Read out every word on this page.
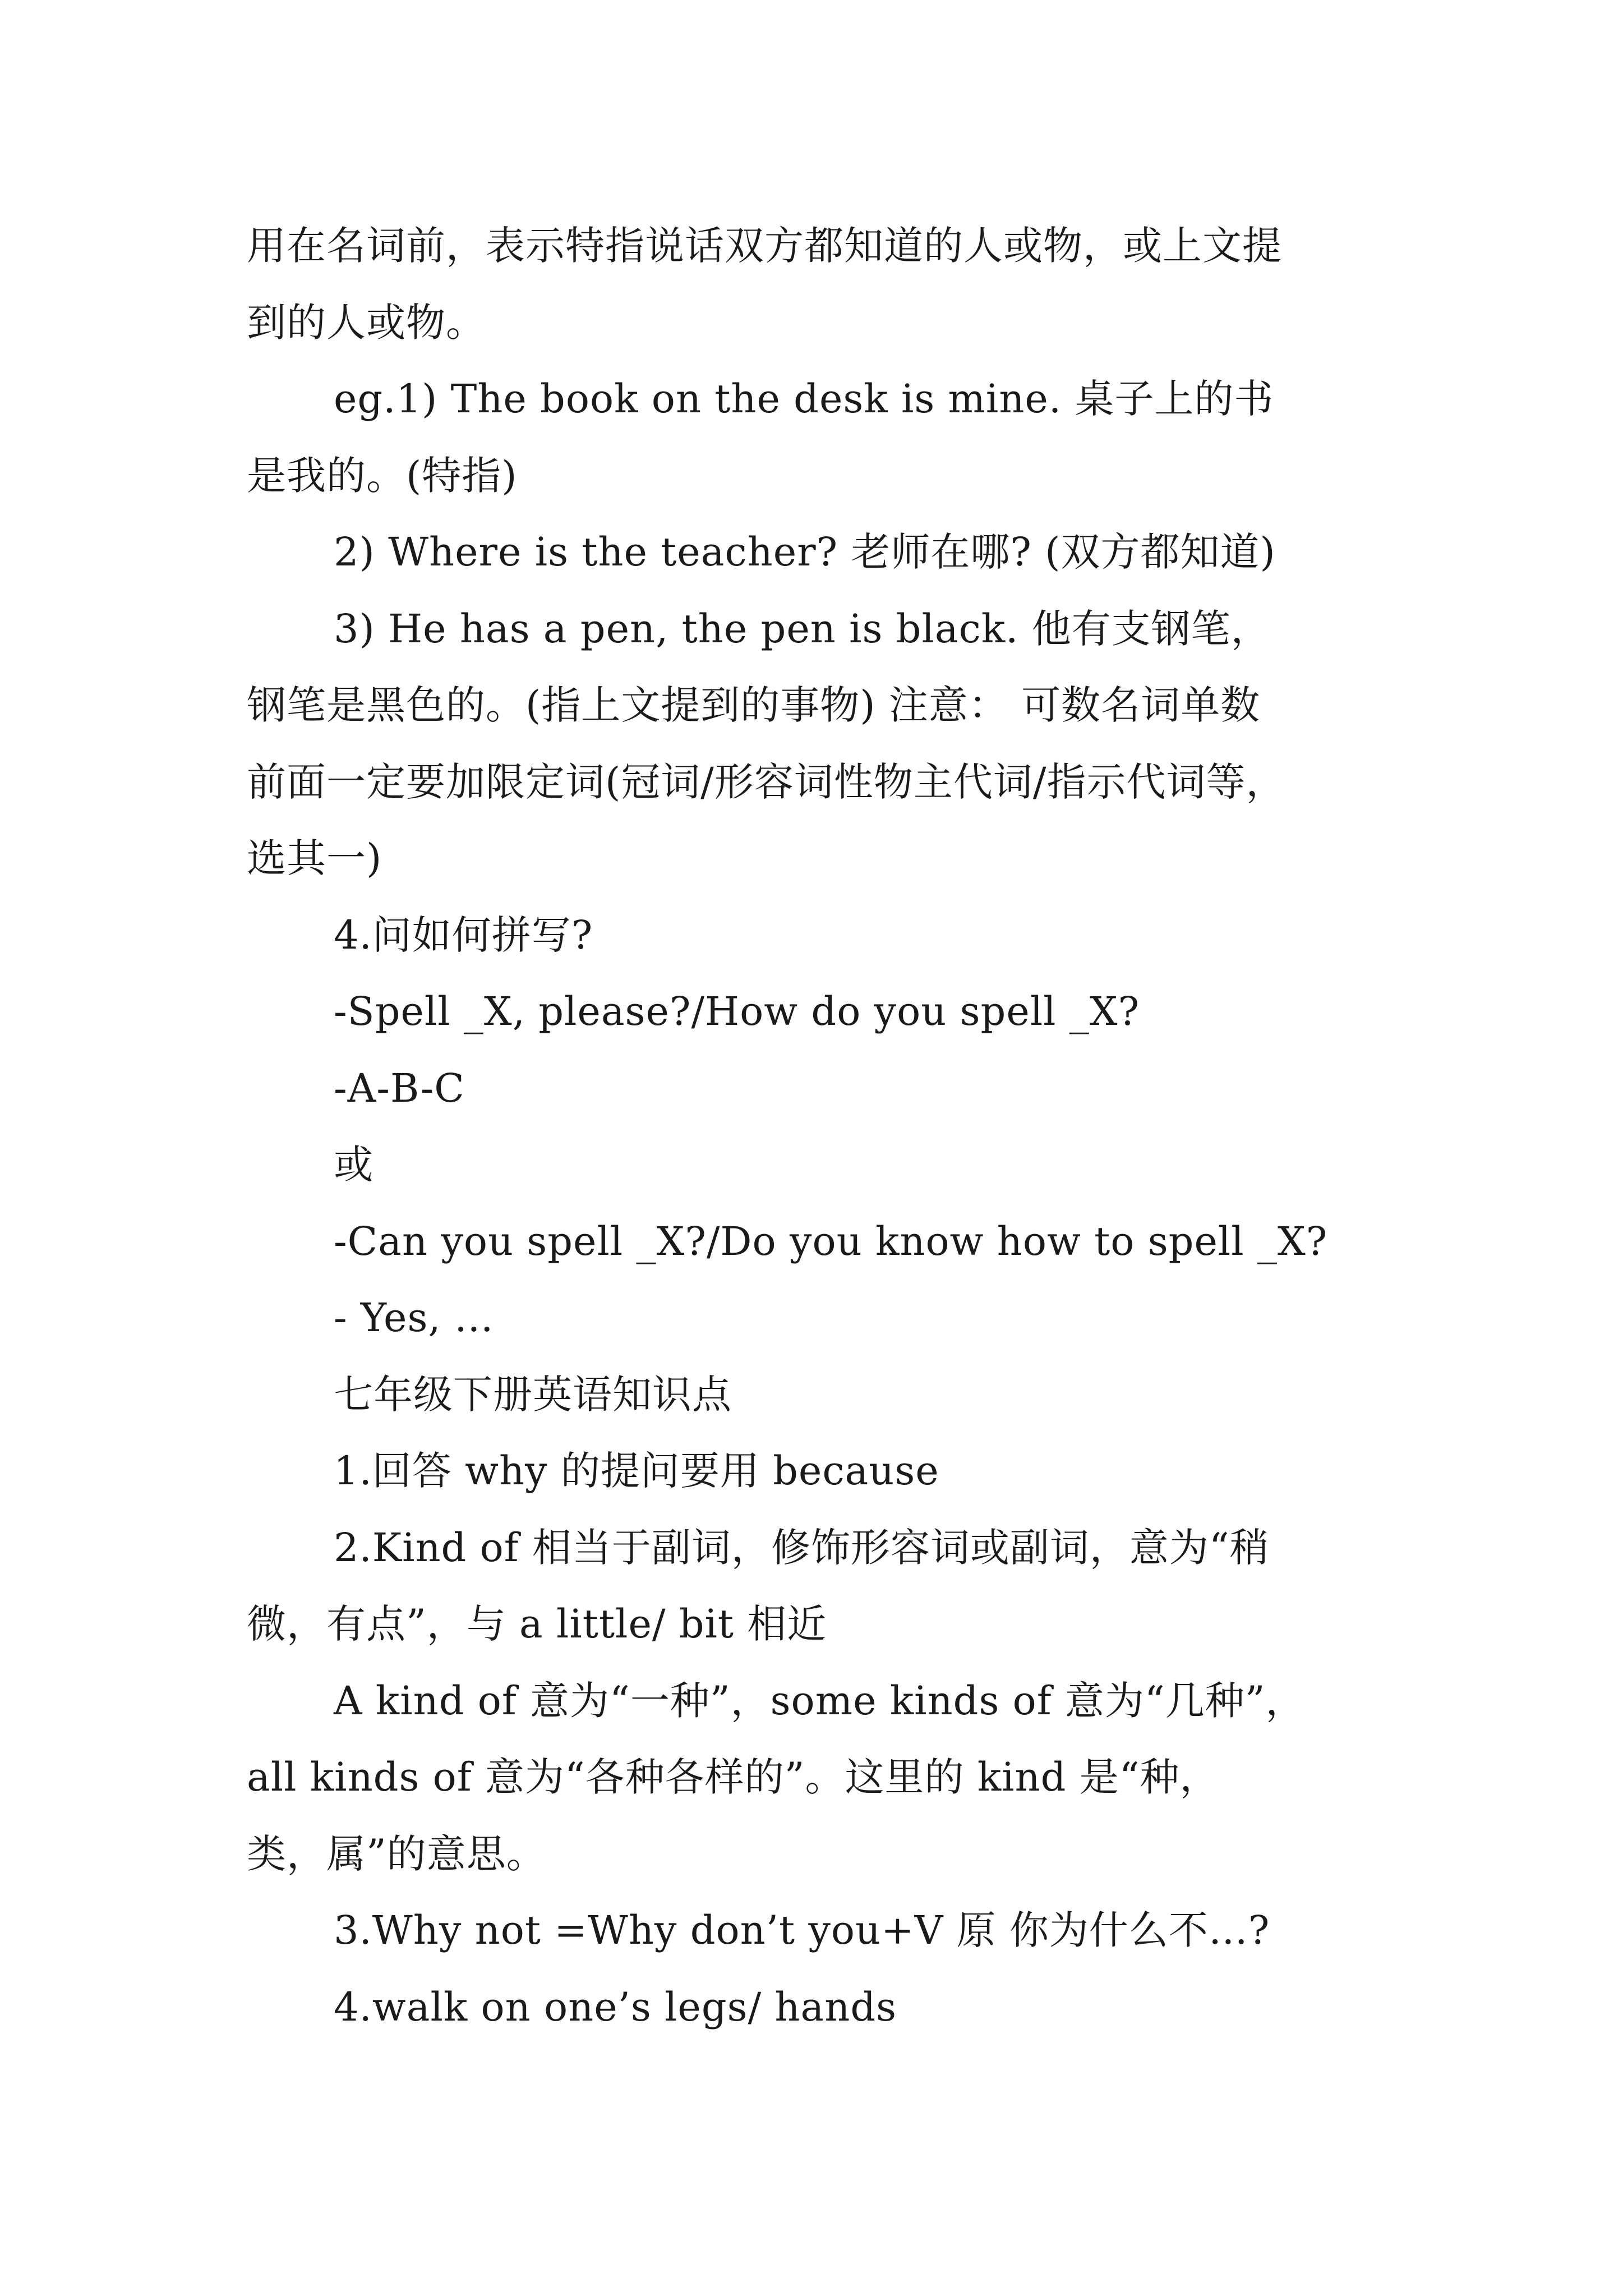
用在名词前，表示特指说话双方都知道的人或物，或上文提
到的人或物。
eg.1) The book on the desk is mine. 桌子上的书
是我的。(特指)
2) Where is the teacher? 老师在哪? (双方都知道)
3) He has a pen, the pen is black. 他有支钢笔，
钢笔是黑色的。(指上文提到的事物) 注意： 可数名词单数
前面一定要加限定词(冠词/形容词性物主代词/指示代词等，
选其一)
4.问如何拼写?
-Spell _X, please?/How do you spell _X?
-A-B-C
或
-Can you spell _X?/Do you know how to spell _X?
- Yes, …
七年级下册英语知识点
1.回答 why 的提问要用 because
2.Kind of 相当于副词，修饰形容词或副词，意为“稍
微，有点”，与 a little/ bit 相近
A kind of 意为“一种”，some kinds of 意为“几种”，
all kinds of 意为“各种各样的”。这里的 kind 是“种，
类，属”的意思。
3.Why not =Why don’t you+V 原 你为什么不…?
4.walk on one’s legs/ hands
